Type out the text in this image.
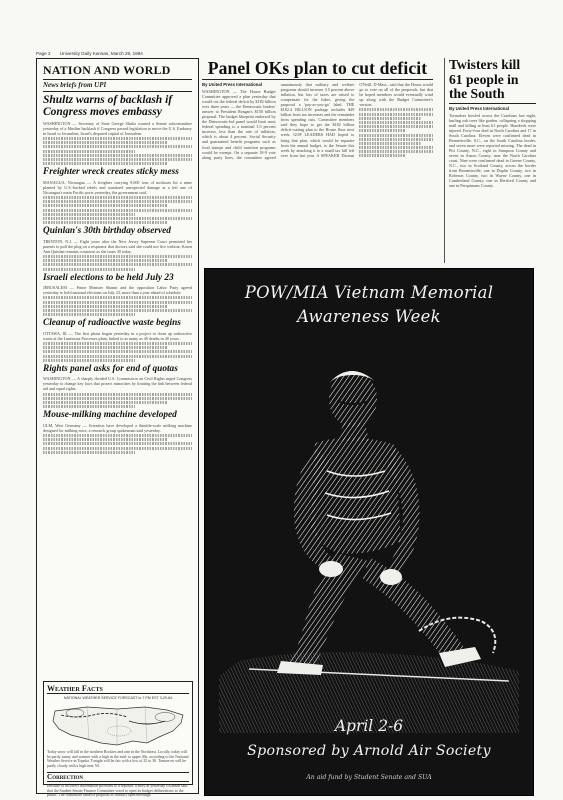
Page 2 University Daily Kansan, March 29, 1984
NATION AND WORLD
News briefs from UPI
Shultz warns of backlash if Congress moves embassy
WASHINGTON — Secretary of State George Shultz warned a Senate subcommittee yesterday of a Muslim backlash if Congress passed legislation to move the U.S. Embassy in Israel to Jerusalem, Israel's disputed capital of Jerusalem.
Freighter wreck creates sticky mess
MANAGUA, Nicaragua — A freighter carrying 9,000 tons of molasses hit a mine planted by U.S.-backed rebels and sustained unexpected damage at a left one of Nicaragua's main Pacific ports yesterday, the government said.
Quinlan's 30th birthday observed
TRENTON, N.J. — Eight years after the New Jersey Supreme Court permitted her parents to pull the plug on a respirator that doctors said she could not live without, Karen Ann Quinlan remains comatose as she turns 30 today.
Israeli elections to be held July 23
JERUSALEM — Prime Minister Shamir and the opposition Labor Party agreed yesterday to hold national elections on July 23, more than a year ahead of schedule.
Cleanup of radioactive waste begins
OTTAWA, Ill. — The first phase began yesterday in a project to clean up radioactive waste at the Luminous Processes plant, linked to as many as 40 deaths in 40 years.
Rights panel asks for end of quotas
WASHINGTON — A sharply divided U.S. Commission on Civil Rights urged Congress yesterday to change key laws that protect minorities by limiting the link between federal aid and equal rights.
Mouse-milking machine developed
ULM, West Germany — Scientists have developed a thimble-scale milking machine designed for milking mice, a research group spokesman said yesterday.
Weather Facts
NATIONAL WEATHER SERVICE FORECAST to 7 PM EST 3-29-84
Today snow will fall in the northern Rockies and rain in the Northeast. Locally, today will be partly sunny and warmer with a high in the mid- to upper 40s, according to the National Weather Service in Topeka. Tonight will be fair with a low of 25 to 30. Tomorrow will be partly cloudy with a high near 50.
Correction
Because of incorrect information provided to a reporter, a story in yesterday's Kansan said that the Student Senate Finance Committee voted to open its budget deliberations to the public. The committee tabled a proposal to conduct open meetings.
Panel OKs plan to cut deficit
By United Press International
WASHINGTON — The House Budget Committee approved a plan yesterday that would cut the federal deficit by $182 billion over three years — the Democratic leaders' answer to President Reagan's $150 billion proposal. The budget blueprint endorsed by the Democratic-led panel would limit most federal spending to a nominal 3.5 percent increase, less than the rate of inflation, which is about 4 percent. Social Security and guaranteed benefit programs such as food stamps and child nutrition programs would be exempt. On a separate 18-9 vote along party lines, the committee agreed unanimously that military and welfare programs should increase 3.5 percent above inflation, but lots of taxes are raised to compensate for the hikes, giving the proposal a 'pay-as-you-go' label. THE $182.4 BILLION package includes $49 billion from tax increases and the remainder from spending cuts. Committee members said they hope to get the $182 billion deficit-cutting plan to the House floor next week. GOP LEADERS HAD hoped to bring that plan, which would be separate from the annual budget, to the Senate this week by attaching it to a small tax bill left over from last year. A SPEAKER Thomas O'Neill, D-Mass., said that the House would go to vote on all of the proposals, but that he hoped members would eventually wind up along with the Budget Committee's version.
Twisters kill 61 people in the South
By United Press International
Tornadoes howled across the Carolinas last night, hurling oak trees like garden, collapsing a shopping mall and killing at least 61 people. Hundreds were injured. Forty-four died in North Carolina and 17 in South Carolina. Eleven were confirmed dead in Bennettsville, S.C., on the South Carolina border, and seven more were reported missing. The dead in Pitt County, N.C., eight in Sampson County and seven in Anson County, near the North Carolina coast. Nine were confirmed dead in Greene County, N.C., two in Scotland County, across the border from Bennettsville, one in Duplin County, two in Robeson County, two in Wayne County, one in Cumberland County, one in Hertford County and one in Perquimans County.
POW/MIA Vietnam Memorial
Awareness Week
April 2-6
Sponsored by Arnold Air Society
An aid fund by Student Senate and SUA
